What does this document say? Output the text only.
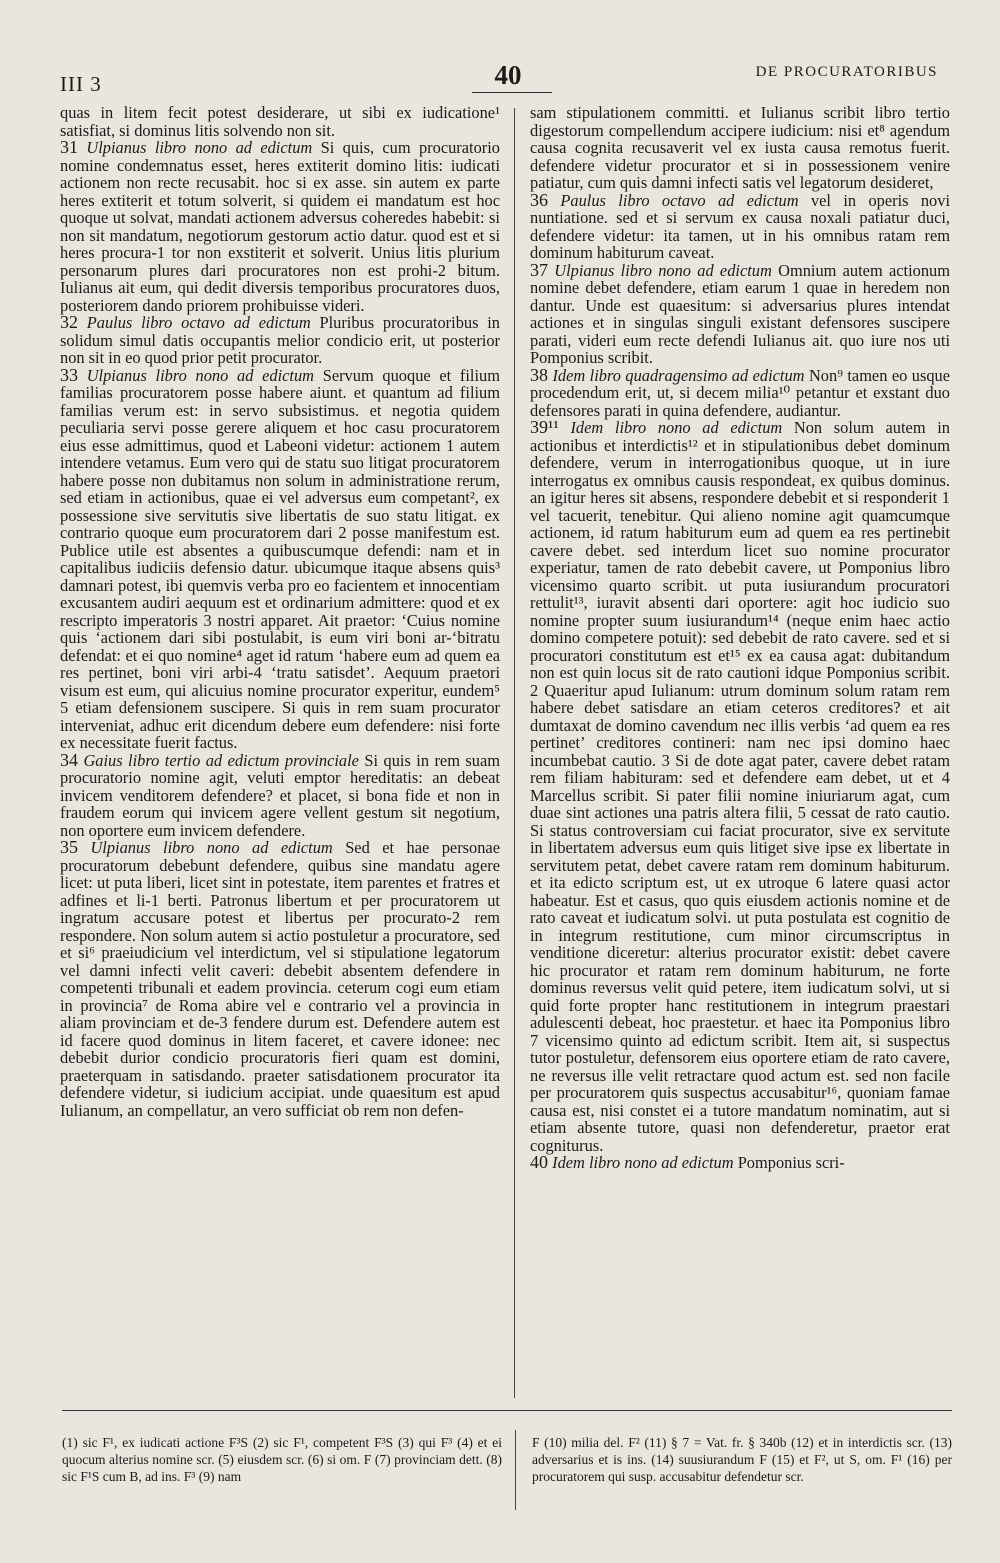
III 3	40	DE PROCURATORIBUS

quas in litem fecit potest desiderare, ut sibi ex iudicatione¹ satisfiat, si dominus litis solvendo non sit.

31 Ulpianus libro nono ad edictum Si quis, cum procuratorio nomine condemnatus esset, heres extiterit domino litis: iudicati actionem non recte recusabit. hoc si ex asse. sin autem ex parte heres extiterit et totum solverit, si quidem ei mandatum est hoc quoque ut solvat, mandati actionem adversus coheredes habebit: si non sit mandatum, negotiorum gestorum actio datur. quod est et si heres procura-1 tor non exstiterit et solverit. Unius litis plurium personarum plures dari procuratores non est prohi-2 bitum. Iulianus ait eum, qui dedit diversis temporibus procuratores duos, posteriorem dando priorem prohibuisse videri.

32 Paulus libro octavo ad edictum Pluribus procuratoribus in solidum simul datis occupantis melior condicio erit, ut posterior non sit in eo quod prior petit procurator.

33 Ulpianus libro nono ad edictum Servum quoque et filium familias procuratorem posse habere aiunt. et quantum ad filium familias verum est: in servo subsistimus. et negotia quidem peculiaria servi posse gerere aliquem et hoc casu procuratorem eius esse admittimus, quod et Labeoni videtur: actionem 1 autem intendere vetamus. Eum vero qui de statu suo litigat procuratorem habere posse non dubitamus non solum in administratione rerum, sed etiam in actionibus, quae ei vel adversus eum competant², ex possessione sive servitutis sive libertatis de suo statu litigat. ex contrario quoque eum procuratorem dari 2 posse manifestum est. Publice utile est absentes a quibuscumque defendi: nam et in capitalibus iudiciis defensio datur. ubicumque itaque absens quis³ damnari potest, ibi quemvis verba pro eo facientem et innocentiam excusantem audiri aequum est et ordinarium admittere: quod et ex rescripto imperatoris 3 nostri apparet. Ait praetor: ‘Cuius nomine quis ‘actionem dari sibi postulabit, is eum viri boni ar-‘bitratu defendat: et ei quo nomine⁴ aget id ratum ‘habere eum ad quem ea res pertinet, boni viri arbi-4 ‘tratu satisdet’. Aequum praetori visum est eum, qui alicuius nomine procurator experitur, eundem⁵ 5 etiam defensionem suscipere. Si quis in rem suam procurator interveniat, adhuc erit dicendum debere eum defendere: nisi forte ex necessitate fuerit factus.

34 Gaius libro tertio ad edictum provinciale Si quis in rem suam procuratorio nomine agit, veluti emptor hereditatis: an debeat invicem venditorem defendere? et placet, si bona fide et non in fraudem eorum qui invicem agere vellent gestum sit negotium, non oportere eum invicem defendere.

35 Ulpianus libro nono ad edictum Sed et hae personae procuratorum debebunt defendere, quibus sine mandatu agere licet: ut puta liberi, licet sint in potestate, item parentes et fratres et adfines et li-1 berti. Patronus libertum et per procuratorem ut ingratum accusare potest et libertus per procurato-2 rem respondere. Non solum autem si actio postuletur a procuratore, sed et si⁶ praeiudicium vel interdictum, vel si stipulatione legatorum vel damni infecti velit caveri: debebit absentem defendere in competenti tribunali et eadem provincia. ceterum cogi eum etiam in provincia⁷ de Roma abire vel e contrario vel a provincia in aliam provinciam et de-3 fendere durum est. Defendere autem est id facere quod dominus in litem faceret, et cavere idonee: nec debebit durior condicio procuratoris fieri quam est domini, praeterquam in satisdando. praeter satisdationem procurator ita defendere videtur, si iudicium accipiat. unde quaesitum est apud Iulianum, an compellatur, an vero sufficiat ob rem non defen-

sam stipulationem committi. et Iulianus scribit libro tertio digestorum compellendum accipere iudicium: nisi et⁸ agendum causa cognita recusaverit vel ex iusta causa remotus fuerit. defendere videtur procurator et si in possessionem venire patiatur, cum quis damni infecti satis vel legatorum desideret,

36 Paulus libro octavo ad edictum vel in operis novi nuntiatione. sed et si servum ex causa noxali patiatur duci, defendere videtur: ita tamen, ut in his omnibus ratam rem dominum habiturum caveat.

37 Ulpianus libro nono ad edictum Omnium autem actionum nomine debet defendere, etiam earum 1 quae in heredem non dantur. Unde est quaesitum: si adversarius plures intendat actiones et in singulas singuli existant defensores suscipere parati, videri eum recte defendi Iulianus ait. quo iure nos uti Pomponius scribit.

38 Idem libro quadragensimo ad edictum Non⁹ tamen eo usque procedendum erit, ut, si decem milia¹⁰ petantur et exstant duo defensores parati in quina defendere, audiantur.

39¹¹ Idem libro nono ad edictum Non solum autem in actionibus et interdictis¹² et in stipulationibus debet dominum defendere, verum in interrogationibus quoque, ut in iure interrogatus ex omnibus causis respondeat, ex quibus dominus. an igitur heres sit absens, respondere debebit et si responderit 1 vel tacuerit, tenebitur. Qui alieno nomine agit quamcumque actionem, id ratum habiturum eum ad quem ea res pertinebit cavere debet. sed interdum licet suo nomine procurator experiatur, tamen de rato debebit cavere, ut Pomponius libro vicensimo quarto scribit. ut puta iusiurandum procuratori rettulit¹³, iuravit absenti dari oportere: agit hoc iudicio suo nomine propter suum iusiurandum¹⁴ (neque enim haec actio domino competere potuit): sed debebit de rato cavere. sed et si procuratori constitutum est et¹⁵ ex ea causa agat: dubitandum non est quin locus sit de rato cautioni idque Pomponius scribit. 2 Quaeritur apud Iulianum: utrum dominum solum ratam rem habere debet satisdare an etiam ceteros creditores? et ait dumtaxat de domino cavendum nec illis verbis ‘ad quem ea res pertinet’ creditores contineri: nam nec ipsi domino haec incumbebat cautio. 3 Si de dote agat pater, cavere debet ratam rem filiam habituram: sed et defendere eam debet, ut et 4 Marcellus scribit. Si pater filii nomine iniuriarum agat, cum duae sint actiones una patris altera filii, 5 cessat de rato cautio. Si status controversiam cui faciat procurator, sive ex servitute in libertatem adversus eum quis litiget sive ipse ex libertate in servitutem petat, debet cavere ratam rem dominum habiturum. et ita edicto scriptum est, ut ex utroque 6 latere quasi actor habeatur. Est et casus, quo quis eiusdem actionis nomine et de rato caveat et iudicatum solvi. ut puta postulata est cognitio de in integrum restitutione, cum minor circumscriptus in venditione diceretur: alterius procurator existit: debet cavere hic procurator et ratam rem dominum habiturum, ne forte dominus reversus velit quid petere, item iudicatum solvi, ut si quid forte propter hanc restitutionem in integrum praestari adulescenti debeat, hoc praestetur. et haec ita Pomponius libro 7 vicensimo quinto ad edictum scribit. Item ait, si suspectus tutor postuletur, defensorem eius oportere etiam de rato cavere, ne reversus ille velit retractare quod actum est. sed non facile per procuratorem quis suspectus accusabitur¹⁶, quoniam famae causa est, nisi constet ei a tutore mandatum nominatim, aut si etiam absente tutore, quasi non defenderetur, praetor erat cogniturus.

40 Idem libro nono ad edictum Pomponius scri-

(1) sic F¹, ex iudicati actione F³S (2) sic F¹, competent F³S (3) qui F³ (4) et ei quocum alterius nomine scr. (5) eiusdem scr. (6) si om. F (7) provinciam dett. (8) sic F¹S cum B, ad ins. F³ (9) nam
F (10) milia del. F² (11) § 7 = Vat. fr. § 340b (12) et in interdictis scr. (13) adversarius et is ins. (14) suusiurandum F (15) et F², ut S, om. F¹ (16) per procuratorem qui susp. accusabitur defendetur scr.
